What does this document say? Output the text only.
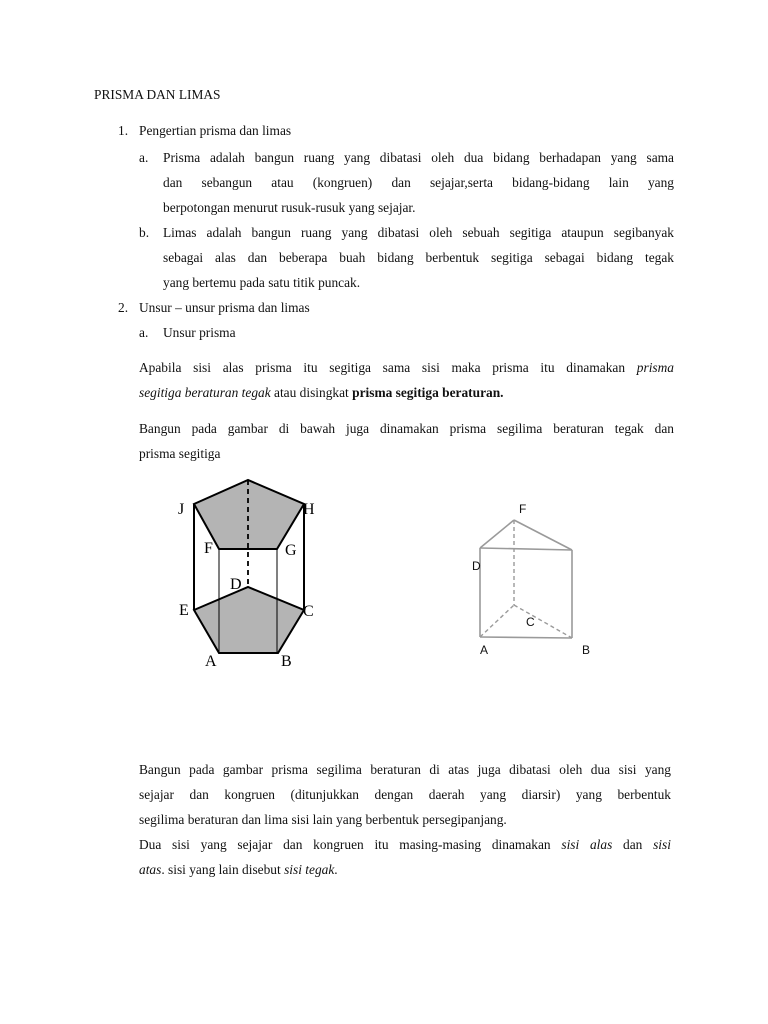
PRISMA DAN LIMAS
1. Pengertian prisma dan limas
a. Prisma adalah bangun ruang yang dibatasi oleh dua bidang berhadapan yang sama
dan sebangun atau (kongruen) dan sejajar,serta bidang-bidang lain yang
berpotongan menurut rusuk-rusuk yang sejajar.
b. Limas adalah bangun ruang yang dibatasi oleh sebuah segitiga ataupun segibanyak
sebagai alas dan beberapa buah bidang berbentuk segitiga sebagai bidang tegak
yang bertemu pada satu titik puncak.
2. Unsur – unsur prisma dan limas
a. Unsur prisma
Apabila sisi alas prisma itu segitiga sama sisi maka prisma itu dinamakan prisma
segitiga beraturan tegak atau disingkat prisma segitiga beraturan.
Bangun pada gambar di bawah juga dinamakan prisma segilima beraturan tegak dan
prisma segitiga
J	H
F	G
D
E	C
A	B
F
D
C
A	B
Bangun pada gambar prisma segilima beraturan di atas juga dibatasi oleh dua sisi yang
sejajar dan kongruen (ditunjukkan dengan daerah yang diarsir) yang berbentuk
segilima beraturan dan lima sisi lain yang berbentuk persegipanjang.
Dua sisi yang sejajar dan kongruen itu masing-masing dinamakan sisi alas dan sisi
atas. sisi yang lain disebut sisi tegak.
